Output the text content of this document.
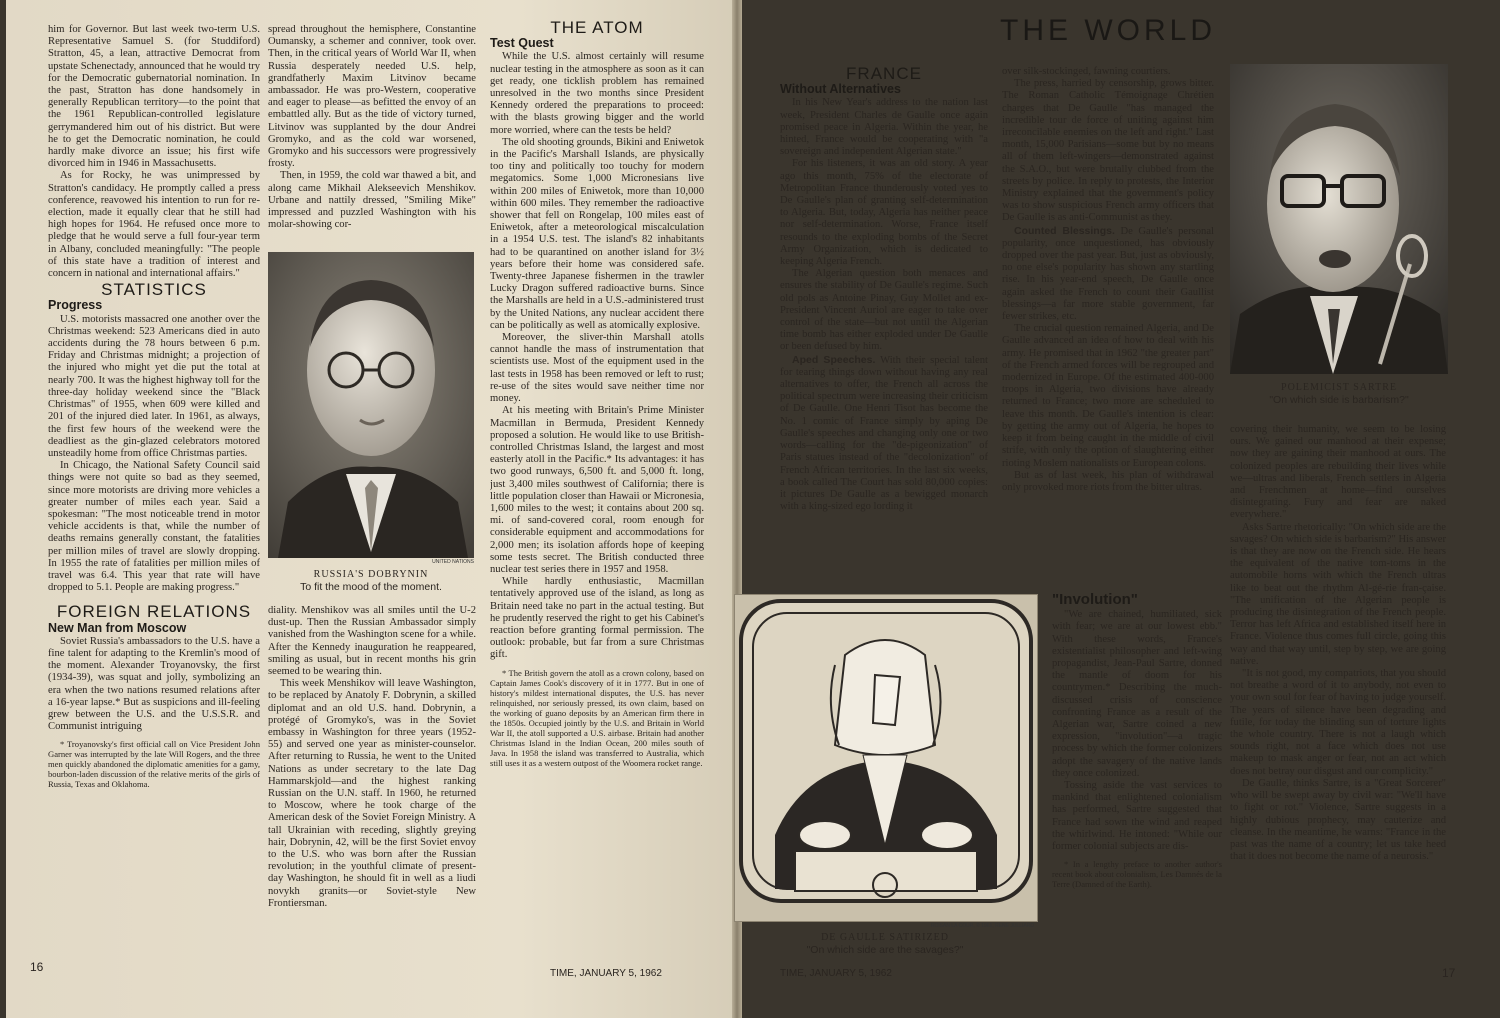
him for Governor. But last week two-term U.S. Representative Samuel S. (for Studdiford) Stratton, 45, a lean, attractive Democrat from upstate Schenectady, announced that he would try for the Democratic gubernatorial nomination. In the past, Stratton has done handsomely in generally Republican territory—to the point that the 1961 Republican-controlled legislature gerrymandered him out of his district. But were he to get the Democratic nomination, he could hardly make divorce an issue; his first wife divorced him in 1946 in Massachusetts.

As for Rocky, he was unimpressed by Stratton's candidacy. He promptly called a press conference, reavowed his intention to run for re-election, made it equally clear that he still had high hopes for 1964. He refused once more to pledge that he would serve a full four-year term in Albany, concluded meaningfully: "The people of this state have a tradition of interest and concern in national and international affairs."

STATISTICS
Progress

U.S. motorists massacred one another over the Christmas weekend: 523 Americans died in auto accidents during the 78 hours between 6 p.m. Friday and Christmas midnight; a projection of the injured who might yet die put the total at nearly 700. It was the highest highway toll for the three-day holiday weekend since the "Black Christmas" of 1955, when 609 were killed and 201 of the injured died later. In 1961, as always, the first few hours of the weekend were the deadliest as the gin-glazed celebrators motored unsteadily home from office Christmas parties.

In Chicago, the National Safety Council said things were not quite so bad as they seemed, since more motorists are driving more vehicles a greater number of miles each year. Said a spokesman: "The most noticeable trend in motor vehicle accidents is that, while the number of deaths remains generally constant, the fatalities per million miles of travel are slowly dropping. In 1955 the rate of fatalities per million miles of travel was 6.4. This year that rate will have dropped to 5.1. People are making progress."

FOREIGN RELATIONS
New Man from Moscow

Soviet Russia's ambassadors to the U.S. have a fine talent for adapting to the Kremlin's mood of the moment. Alexander Troyanovsky, the first (1934-39), was squat and jolly, symbolizing an era when the two nations resumed relations after a 16-year lapse.* But as suspicions and ill-feeling grew between the U.S. and the U.S.S.R. and Communist intriguing

* Troyanovsky's first official call on Vice President John Garner was interrupted by the late Will Rogers, and the three men quickly abandoned the diplomatic amenities for a gamy, bourbon-laden discussion of the relative merits of the girls of Russia, Texas and Oklahoma.

spread throughout the hemisphere, Constantine Oumansky, a schemer and conniver, took over. Then, in the critical years of World War II, when Russia desperately needed U.S. help, grandfatherly Maxim Litvinov became ambassador. He was pro-Western, cooperative and eager to please—as befitted the envoy of an embattled ally. But as the tide of victory turned, Litvinov was supplanted by the dour Andrei Gromyko, and as the cold war worsened, Gromyko and his successors were progressively frosty.

Then, in 1959, the cold war thawed a bit, and along came Mikhail Alekseevich Menshikov. Urbane and nattily dressed, "Smiling Mike" impressed and puzzled Washington with his molar-showing cor-

UNITED NATIONS
RUSSIA'S DOBRYNIN
To fit the mood of the moment.

diality. Menshikov was all smiles until the U-2 dust-up. Then the Russian Ambassador simply vanished from the Washington scene for a while. After the Kennedy inauguration he reappeared, smiling as usual, but in recent months his grin seemed to be wearing thin.

This week Menshikov will leave Washington, to be replaced by Anatoly F. Dobrynin, a skilled diplomat and an old U.S. hand. Dobrynin, a protégé of Gromyko's, was in the Soviet embassy in Washington for three years (1952-55) and served one year as minister-counselor. After returning to Russia, he went to the United Nations as under secretary to the late Dag Hammarskjold—and the highest ranking Russian on the U.N. staff. In 1960, he returned to Moscow, where he took charge of the American desk of the Soviet Foreign Ministry. A tall Ukrainian with receding, slightly greying hair, Dobrynin, 42, will be the first Soviet envoy to the U.S. who was born after the Russian revolution; in the youthful climate of present-day Washington, he should fit in well as a liudi novykh granits—or Soviet-style New Frontiersman.

THE ATOM
Test Quest

While the U.S. almost certainly will resume nuclear testing in the atmosphere as soon as it can get ready, one ticklish problem has remained unresolved in the two months since President Kennedy ordered the preparations to proceed: with the blasts growing bigger and the world more worried, where can the tests be held?

The old shooting grounds, Bikini and Eniwetok in the Pacific's Marshall Islands, are physically too tiny and politically too touchy for modern megatomics. Some 1,000 Micronesians live within 200 miles of Eniwetok, more than 10,000 within 600 miles. They remember the radioactive shower that fell on Rongelap, 100 miles east of Eniwetok, after a meteorological miscalculation in a 1954 U.S. test. The island's 82 inhabitants had to be quarantined on another island for 3½ years before their home was considered safe. Twenty-three Japanese fishermen in the trawler Lucky Dragon suffered radioactive burns. Since the Marshalls are held in a U.S.-administered trust by the United Nations, any nuclear accident there can be politically as well as atomically explosive.

Moreover, the sliver-thin Marshall atolls cannot handle the mass of instrumentation that scientists use. Most of the equipment used in the last tests in 1958 has been removed or left to rust; re-use of the sites would save neither time nor money.

At his meeting with Britain's Prime Minister Macmillan in Bermuda, President Kennedy proposed a solution. He would like to use British-controlled Christmas Island, the largest and most easterly atoll in the Pacific.* Its advantages: it has two good runways, 6,500 ft. and 5,000 ft. long, just 3,400 miles southwest of California; there is little population closer than Hawaii or Micronesia, 1,600 miles to the west; it contains about 200 sq. mi. of sand-covered coral, room enough for considerable equipment and accommodations for 2,000 men; its isolation affords hope of keeping some tests secret. The British conducted three nuclear test series there in 1957 and 1958.

While hardly enthusiastic, Macmillan tentatively approved use of the island, as long as Britain need take no part in the actual testing. But he prudently reserved the right to get his Cabinet's reaction before granting formal permission. The outlook: probable, but far from a sure Christmas gift.

* The British govern the atoll as a crown colony, based on Captain James Cook's discovery of it in 1777. But in one of history's mildest international disputes, the U.S. has never relinquished, nor seriously pressed, its own claim, based on the working of guano deposits by an American firm there in the 1850s. Occupied jointly by the U.S. and Britain in World War II, the atoll supported a U.S. airbase. Britain had another Christmas Island in the Indian Ocean, 200 miles south of Java. In 1958 the island was transferred to Australia, which still uses it as a western outpost of the Woomera rocket range.

16	TIME, JANUARY 5, 1962
THE WORLD
FRANCE
Without Alternatives

In his New Year's address to the nation last week, President Charles de Gaulle once again promised peace in Algeria. Within the year, he hinted, France would be cooperating with "a sovereign and independent Algerian state."

For his listeners, it was an old story. A year ago this month, 75% of the electorate of Metropolitan France thunderously voted yes to De Gaulle's plan of granting self-determination to Algeria. But, today, Algeria has neither peace nor self-determination. Worse, France itself resounds to the exploding bombs of the Secret Army Organization, which is dedicated to keeping Algeria French.

The Algerian question both menaces and ensures the stability of De Gaulle's regime. Such old pols as Antoine Pinay, Guy Mollet and ex-President Vincent Auriol are eager to take over control of the state—but not until the Algerian time bomb has either exploded under De Gaulle or been defused by him.

Aped Speeches. With their special talent for tearing things down without having any real alternatives to offer, the French all across the political spectrum were increasing their criticism of De Gaulle. One Henri Tisot has become the No. 1 comic of France simply by aping De Gaulle's speeches and changing only one or two words—calling for the "de-pigeonization" of Paris statues instead of the "decolonization" of French African territories. In the last six weeks, a book called The Court has sold 80,000 copies: it pictures De Gaulle as a bewigged monarch with a king-sized ego lording it

over silk-stockinged, fawning courtiers.

The press, harried by censorship, grows bitter. The Roman Catholic Témoignage Chrétien charges that De Gaulle "has managed the incredible tour de force of uniting against him irreconcilable enemies on the left and right." Last month, 15,000 Parisians—some but by no means all of them left-wingers—demonstrated against the S.A.O., but were brutally clubbed from the streets by police. In reply to protests, the Interior Ministry explained that the government's policy was to show suspicious French army officers that De Gaulle is as anti-Communist as they.

Counted Blessings. De Gaulle's personal popularity, once unquestioned, has obviously dropped over the past year. But, just as obviously, no one else's popularity has shown any startling rise. In his year-end speech, De Gaulle once again asked the French to count their Gaullist blessings—a far more stable government, far fewer strikes, etc.

The crucial question remained Algeria, and De Gaulle advanced an idea of how to deal with his army. He promised that in 1962 "the greater part" of the French armed forces will be regrouped and modernized in Europe. Of the estimated 400-000 troops in Algeria, two divisions have already returned to France; two more are scheduled to leave this month. De Gaulle's intention is clear: by getting the army out of Algeria, he hopes to keep it from being caught in the middle of civil strife, with only the option of slaughtering either rioting Moslem nationalists or European colons.

But as of last week, his plan of withdrawal only provoked more riots from the bitter ultras.

POLEMICIST SARTRE
"On which side is barbarism?"

covering their humanity, we seem to be losing ours. We gained our manhood at their expense; now they are gaining their manhood at ours. The colonized peoples are rebuilding their lives while we—ultras and liberals, French settlers in Algeria and Frenchmen at home—find ourselves disintegrating. Fury and fear are naked everywhere."

Asks Sartre rhetorically: "On which side are the savages? On which side is barbarism?" His answer is that they are now on the French side. He hears the equivalent of the native tom-toms in the automobile horns with which the French ultras like to beat out the rhythm Al-gé-rie fran-çaise. "The unification of the Algerian people is producing the disintegration of the French people. Terror has left Africa and established itself here in France. Violence thus comes full circle, going this way and that way until, step by step, we are going native.

"It is not good, my compatriots, that you should not breathe a word of it to anybody, not even to your own soul for fear of having to judge yourself. The years of silence have been degrading and futile, for today the blinding sun of torture lights the whole country. There is not a laugh which sounds right, not a face which does not use makeup to mask anger or fear, not an act which does not betray our disgust and our complicity."

De Gaulle, thinks Sartre, is a "Great Sorcerer" who will be swept away by civil war: "We'll have to fight or rot." Violence, Sartre suggests in a highly dubious prophecy, may cauterize and cleanse. In the meantime, he warns: "France in the past was the name of a country; let us take heed that it does not become the name of a neurosis."

ROISAN LA COUR, © 1961, RENE JULLIARD
DE GAULLE SATIRIZED
"On which side are the savages?"
"Involution"

"We are chained, humiliated, sick with fear; we are at our lowest ebb." With these words, France's existentialist philosopher and left-wing propagandist, Jean-Paul Sartre, donned the mantle of doom for his countrymen.* Describing the much-discussed crisis of conscience confronting France as a result of the Algerian war, Sartre coined a new expression, "involution"—a tragic process by which the former colonizers adopt the savagery of the native lands they once colonized.

Tossing aside the vast services to mankind that enlightened colonialism has performed, Sartre suggested that France had sown the wind and reaped the whirlwind. He intoned: "While our former colonial subjects are dis-

* In a lengthy preface to another author's recent book about colonialism, Les Damnés de la Terre (Damned of the Earth).

TIME, JANUARY 5, 1962	17
